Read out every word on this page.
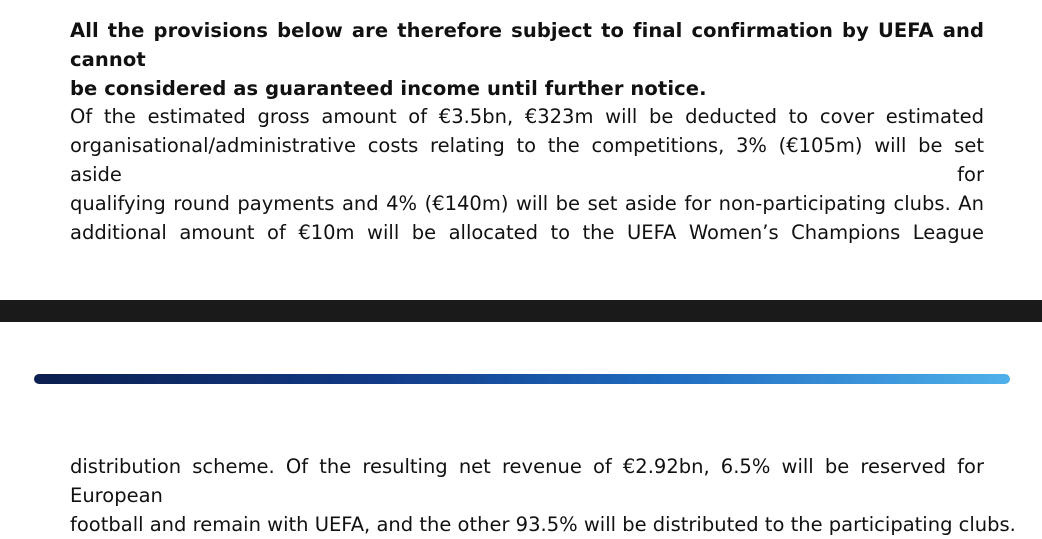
All the provisions below are therefore subject to final confirmation by UEFA and cannot
be considered as guaranteed income until further notice.

Of the estimated gross amount of €3.5bn, €323m will be deducted to cover estimated
organisational/administrative costs relating to the competitions, 3% (€105m) will be set aside for
qualifying round payments and 4% (€140m) will be set aside for non-participating clubs. An
additional amount of €10m will be allocated to the UEFA Women’s Champions League

distribution scheme. Of the resulting net revenue of €2.92bn, 6.5% will be reserved for European
football and remain with UEFA, and the other 93.5% will be distributed to the participating clubs.
